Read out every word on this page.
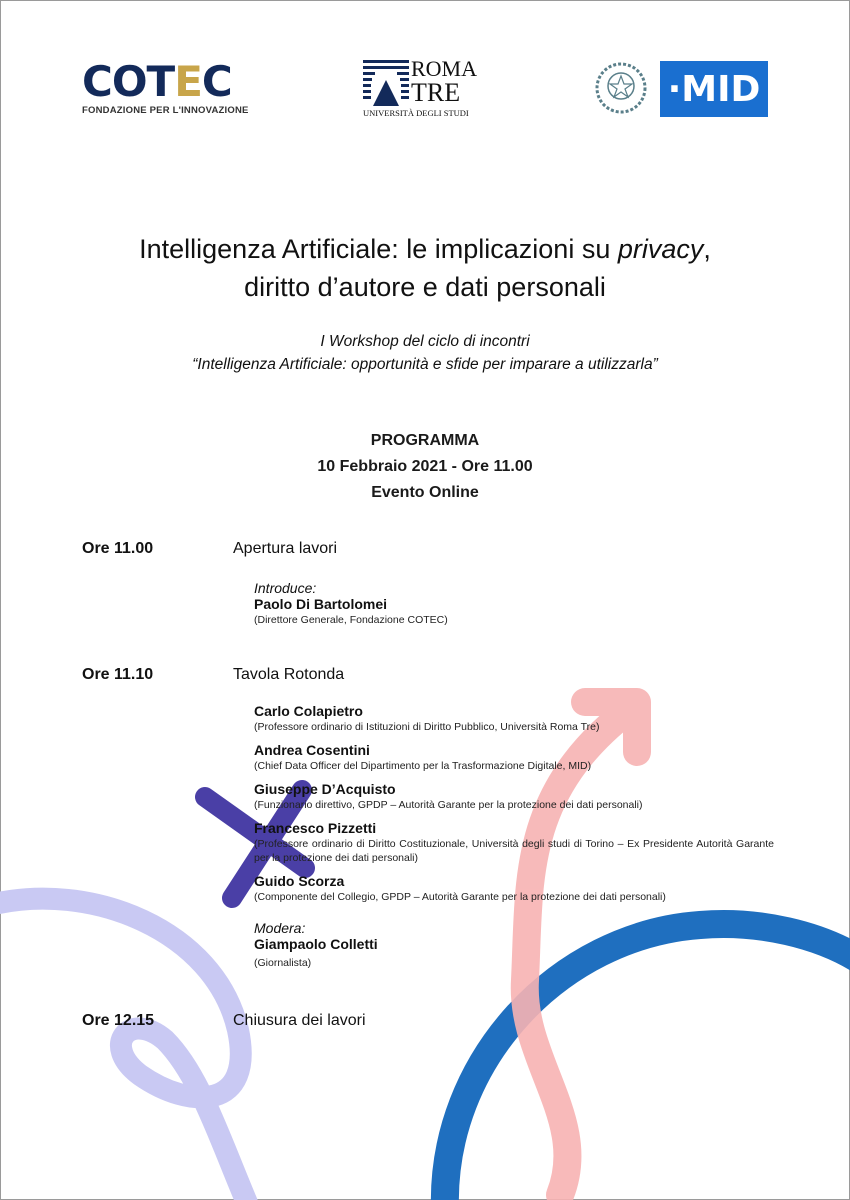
COTEC
FONDAZIONE PER L'INNOVAZIONE
ROMA
TRE
UNIVERSITÀ DEGLI STUDI
·MID
Intelligenza Artificiale: le implicazioni su privacy,
diritto d’autore e dati personali
I Workshop del ciclo di incontri
“Intelligenza Artificiale: opportunità e sfide per imparare a utilizzarla”
PROGRAMMA
10 Febbraio 2021 - Ore 11.00
Evento Online
Ore 11.00	Apertura lavori
Introduce:
Paolo Di Bartolomei
(Direttore Generale, Fondazione COTEC)
Ore 11.10	Tavola Rotonda
Carlo Colapietro
(Professore ordinario di Istituzioni di Diritto Pubblico, Università Roma Tre)
Andrea Cosentini
(Chief Data Officer del Dipartimento per la Trasformazione Digitale, MID)
Giuseppe D’Acquisto
(Funzionario direttivo, GPDP – Autorità Garante per la protezione dei dati personali)
Francesco Pizzetti
(Professore ordinario di Diritto Costituzionale, Università degli studi di Torino – Ex Presidente Autorità Garante per la protezione dei dati personali)
Guido Scorza
(Componente del Collegio, GPDP – Autorità Garante per la protezione dei dati personali)
Modera:
Giampaolo Colletti
(Giornalista)
Ore 12.15	Chiusura dei lavori
